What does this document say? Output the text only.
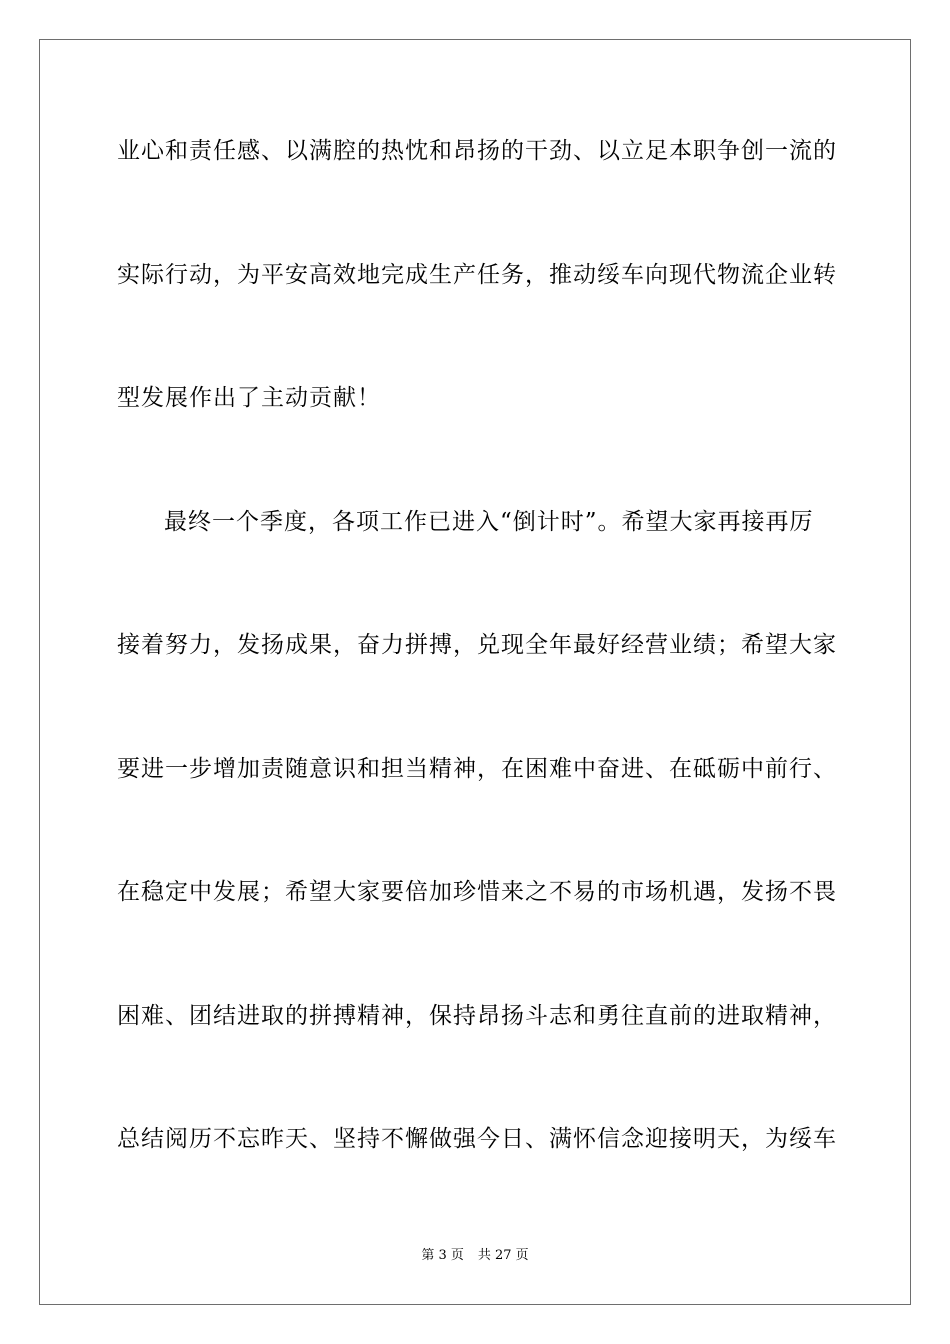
业心和责任感、以满腔的热忱和昂扬的干劲、以立足本职争创一流的
实际行动，为平安高效地完成生产任务，推动绥车向现代物流企业转
型发展作出了主动贡献！
最终一个季度，各项工作已进入“倒计时”。希望大家再接再厉
接着努力，发扬成果，奋力拼搏，兑现全年最好经营业绩；希望大家
要进一步增加责随意识和担当精神，在困难中奋进、在砥砺中前行、
在稳定中发展；希望大家要倍加珍惜来之不易的市场机遇，发扬不畏
困难、团结进取的拼搏精神，保持昂扬斗志和勇往直前的进取精神，
总结阅历不忘昨天、坚持不懈做强今日、满怀信念迎接明天，为绥车
第 3 页 共 27 页
